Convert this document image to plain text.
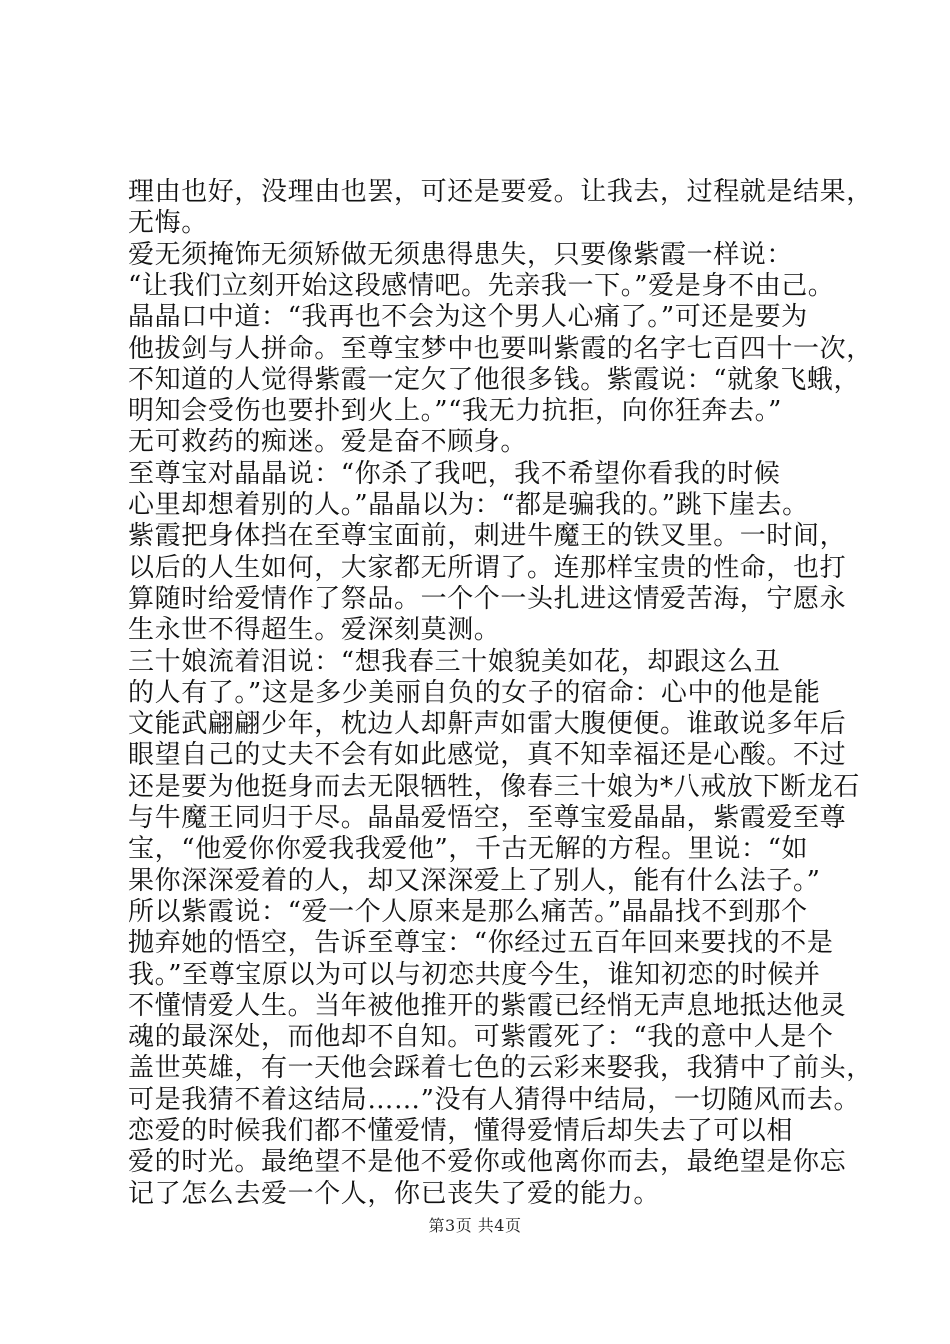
理由也好，没理由也罢，可还是要爱。让我去，过程就是结果，
无悔。
爱无须掩饰无须矫做无须患得患失，只要像紫霞一样说：
“让我们立刻开始这段感情吧。先亲我一下。”爱是身不由己。
晶晶口中道：“我再也不会为这个男人心痛了。”可还是要为
他拔剑与人拼命。至尊宝梦中也要叫紫霞的名字七百四十一次，
不知道的人觉得紫霞一定欠了他很多钱。紫霞说：“就象飞蛾，
明知会受伤也要扑到火上。”“我无力抗拒，向你狂奔去。”
无可救药的痴迷。爱是奋不顾身。
至尊宝对晶晶说：“你杀了我吧，我不希望你看我的时候
心里却想着别的人。”晶晶以为：“都是骗我的。”跳下崖去。
紫霞把身体挡在至尊宝面前，刺进牛魔王的铁叉里。一时间，
以后的人生如何，大家都无所谓了。连那样宝贵的性命，也打
算随时给爱情作了祭品。一个个一头扎进这情爱苦海，宁愿永
生永世不得超生。爱深刻莫测。
三十娘流着泪说：“想我春三十娘貌美如花，却跟这么丑
的人有了。”这是多少美丽自负的女子的宿命：心中的他是能
文能武翩翩少年，枕边人却鼾声如雷大腹便便。谁敢说多年后
眼望自己的丈夫不会有如此感觉，真不知幸福还是心酸。不过
还是要为他挺身而去无限牺牲，像春三十娘为*八戒放下断龙石
与牛魔王同归于尽。晶晶爱悟空，至尊宝爱晶晶，紫霞爱至尊
宝，“他爱你你爱我我爱他”，千古无解的方程。里说：“如
果你深深爱着的人，却又深深爱上了别人，能有什么法子。”
所以紫霞说：“爱一个人原来是那么痛苦。”晶晶找不到那个
抛弃她的悟空，告诉至尊宝：“你经过五百年回来要找的不是
我。”至尊宝原以为可以与初恋共度今生，谁知初恋的时候并
不懂情爱人生。当年被他推开的紫霞已经悄无声息地抵达他灵
魂的最深处，而他却不自知。可紫霞死了：“我的意中人是个
盖世英雄，有一天他会踩着七色的云彩来娶我，我猜中了前头，
可是我猜不着这结局……”没有人猜得中结局，一切随风而去。
恋爱的时候我们都不懂爱情，懂得爱情后却失去了可以相
爱的时光。最绝望不是他不爱你或他离你而去，最绝望是你忘
记了怎么去爱一个人，你已丧失了爱的能力。
第3页 共4页
